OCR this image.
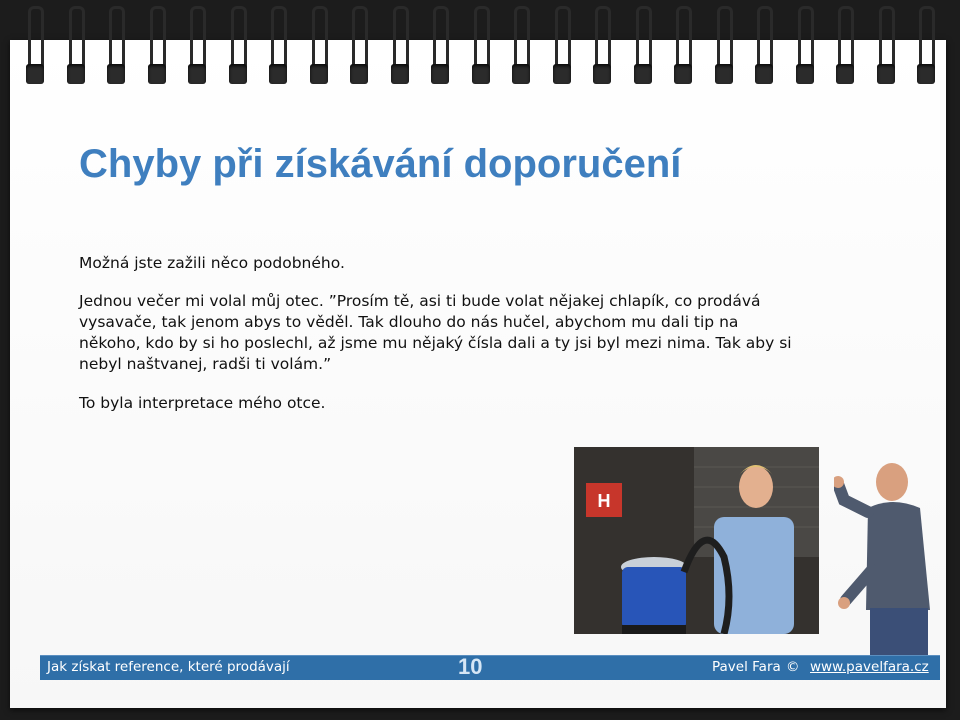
Chyby při získávání doporučení
Možná jste zažili něco podobného.
Jednou večer mi volal můj otec. ”Prosím tě, asi ti bude volat nějakej chlapík, co prodává vysavače, tak jenom abys to věděl. Tak dlouho do nás hučel, abychom mu dali tip na někoho, kdo by si ho poslechl, až jsme mu nějaký čísla dali a ty jsi byl mezi nima. Tak aby si nebyl naštvanej, radši ti volám.”
To byla interpretace mého otce.
H
Jak získat reference, které prodávají	10	Pavel Fara © www.pavelfara.cz
